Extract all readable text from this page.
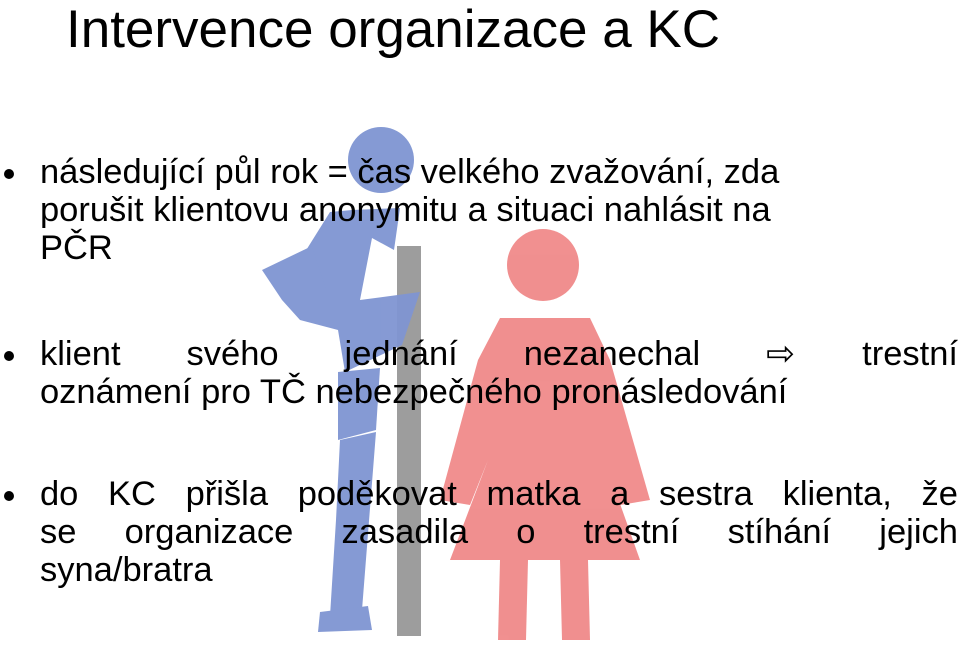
Intervence organizace a KC
následující půl rok = čas velkého zvažování, zda
porušit klientovu anonymitu a situaci nahlásit na
PČR
klient svého jednání nezanechal ⇨ trestní
oznámení pro TČ nebezpečného pronásledování
do KC přišla poděkovat matka a sestra klienta, že
se organizace zasadila o trestní stíhání jejich
syna/bratra
